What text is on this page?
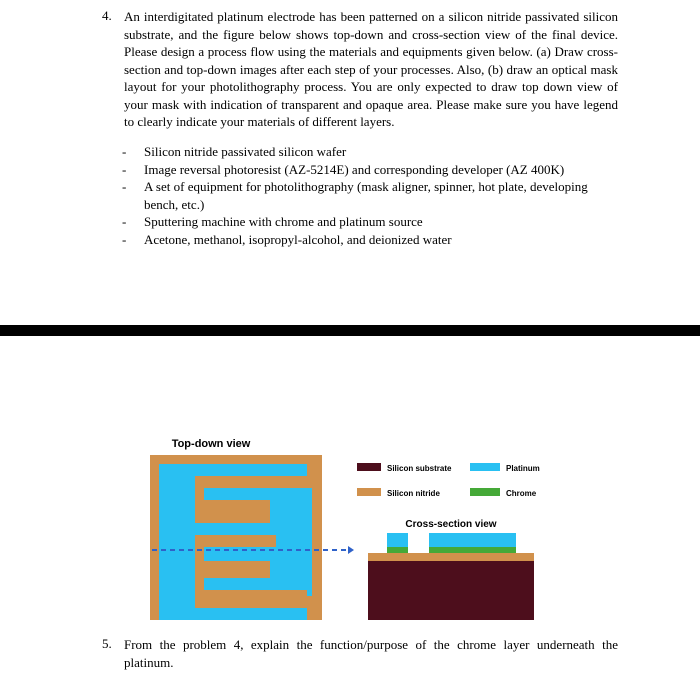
4. An interdigitated platinum electrode has been patterned on a silicon nitride passivated silicon substrate, and the figure below shows top-down and cross-section view of the final device. Please design a process flow using the materials and equipments given below. (a) Draw cross-section and top-down images after each step of your processes. Also, (b) draw an optical mask layout for your photolithography process. You are only expected to draw top down view of your mask with indication of transparent and opaque area. Please make sure you have legend to clearly indicate your materials of different layers.

- Silicon nitride passivated silicon wafer
- Image reversal photoresist (AZ-5214E) and corresponding developer (AZ 400K)
- A set of equipment for photolithography (mask aligner, spinner, hot plate, developing bench, etc.)
- Sputtering machine with chrome and platinum source
- Acetone, methanol, isopropyl-alcohol, and deionized water
Top-down view
Silicon substrate	Platinum
Silicon nitride	Chrome
Cross-section view
5. From the problem 4, explain the function/purpose of the chrome layer underneath the platinum.
